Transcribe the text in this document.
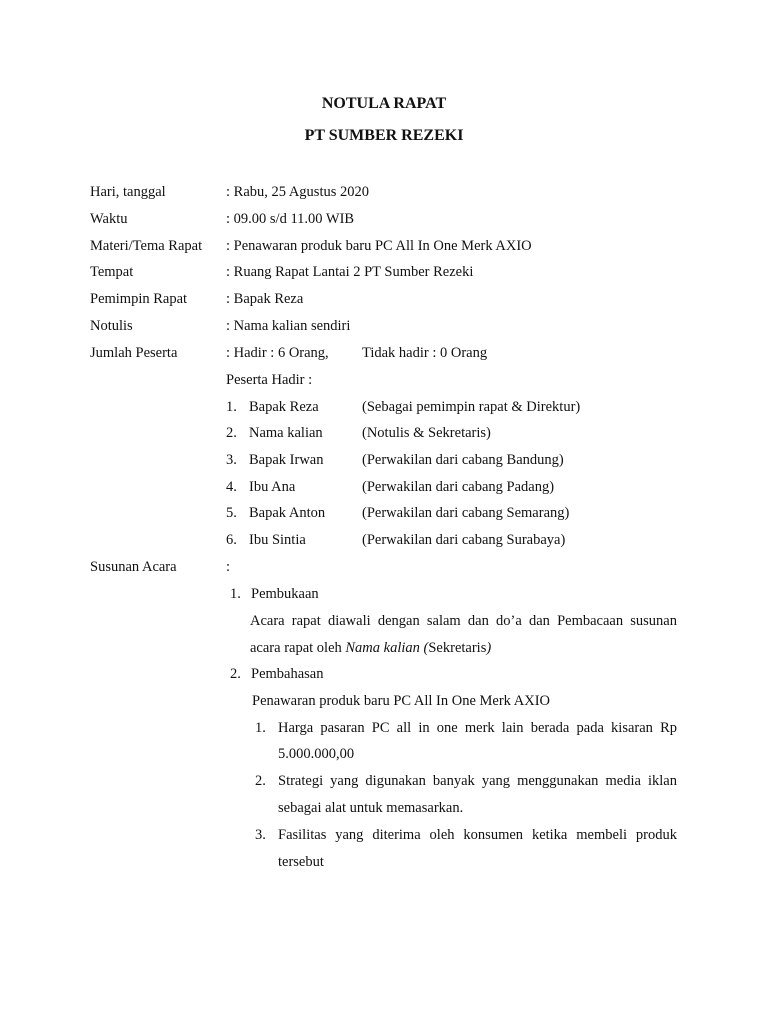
NOTULA RAPAT
PT SUMBER REZEKI
Hari, tanggal	: Rabu, 25 Agustus 2020
Waktu	: 09.00 s/d 11.00 WIB
Materi/Tema Rapat : Penawaran produk baru PC All In One Merk AXIO
Tempat	: Ruang Rapat Lantai 2 PT Sumber Rezeki
Pemimpin Rapat	: Bapak Reza
Notulis	: Nama kalian sendiri
Jumlah Peserta	: Hadir : 6 Orang, Tidak hadir : 0 Orang
Peserta Hadir :
1. Bapak Reza	(Sebagai pemimpin rapat & Direktur)
2. Nama kalian	(Notulis & Sekretaris)
3. Bapak Irwan	(Perwakilan dari cabang Bandung)
4. Ibu Ana	(Perwakilan dari cabang Padang)
5. Bapak Anton	(Perwakilan dari cabang Semarang)
6. Ibu Sintia	(Perwakilan dari cabang Surabaya)
Susunan Acara	:
1. Pembukaan
Acara rapat diawali dengan salam dan do’a dan Pembacaan susunan
acara rapat oleh Nama kalian (Sekretaris)
2. Pembahasan
Penawaran produk baru PC All In One Merk AXIO
1. Harga pasaran PC all in one merk lain berada pada kisaran Rp
5.000.000,00
2. Strategi yang digunakan banyak yang menggunakan media iklan
sebagai alat untuk memasarkan.
3. Fasilitas yang diterima oleh konsumen ketika membeli produk
tersebut
